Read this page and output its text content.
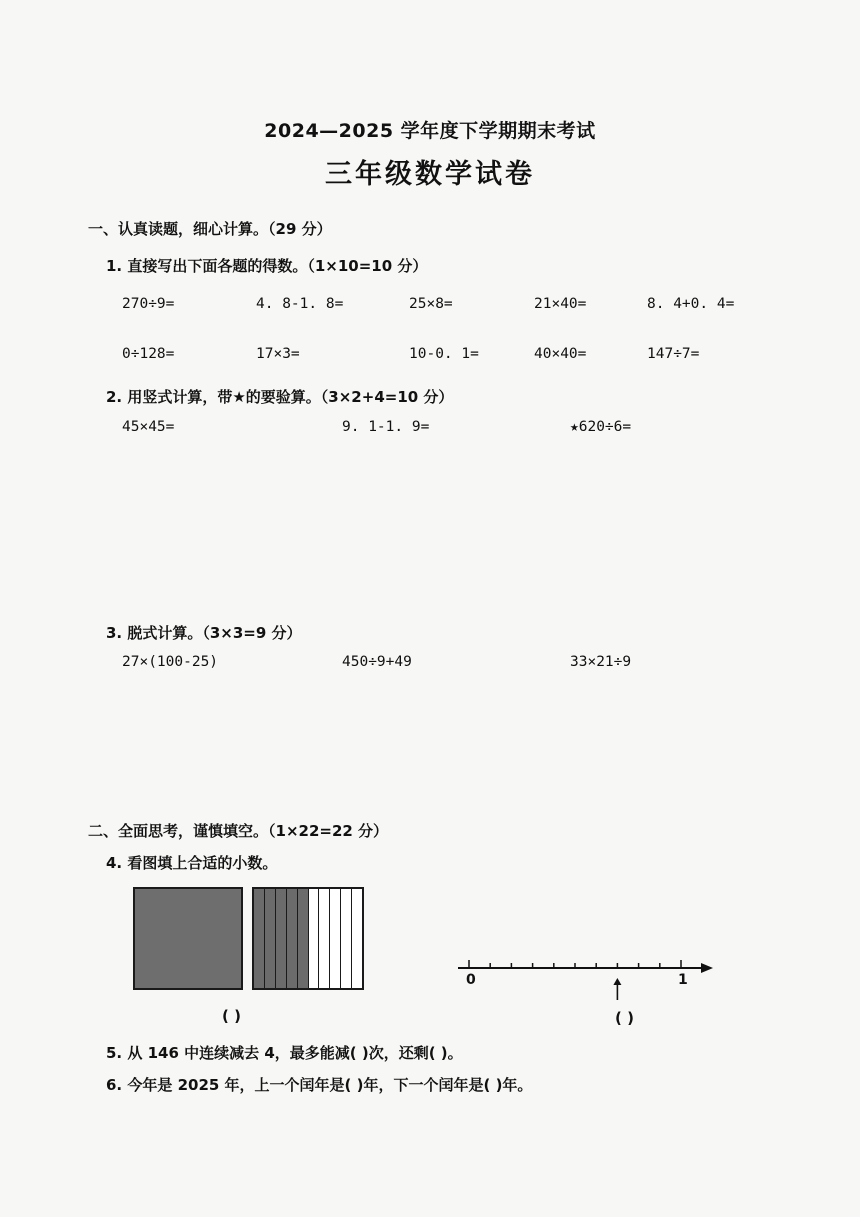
2024—2025 学年度下学期期末考试
三年级数学试卷
一、认真读题，细心计算。（29 分）
1. 直接写出下面各题的得数。（1×10=10 分）
270÷9=	4. 8-1. 8=	25×8=	21×40=	8. 4+0. 4=
0÷128=	17×3=	10-0. 1=	40×40=	147÷7=
2. 用竖式计算，带★的要验算。（3×2+4=10 分）
45×45=	9. 1-1. 9=	★620÷6=
3. 脱式计算。（3×3=9 分）
27×(100-25)	450÷9+49	33×21÷9
二、全面思考，谨慎填空。（1×22=22 分）
4. 看图填上合适的小数。
( )
0	1
( )
5. 从 146 中连续减去 4，最多能减( )次，还剩( )。
6. 今年是 2025 年，上一个闰年是( )年，下一个闰年是( )年。
